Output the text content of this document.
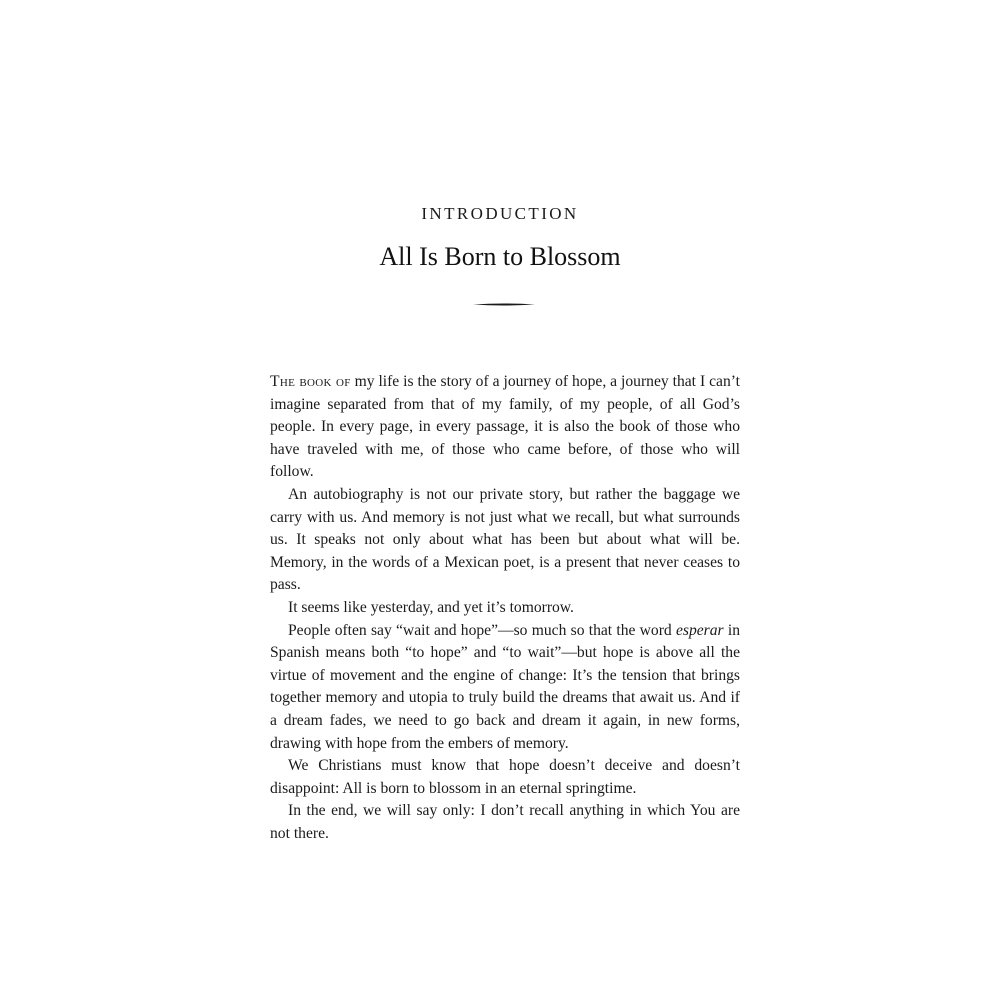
INTRODUCTION
All Is Born to Blossom

The book of my life is the story of a journey of hope, a journey that I can’t imagine separated from that of my family, of my people, of all God’s people. In every page, in every passage, it is also the book of those who have traveled with me, of those who came before, of those who will follow.

An autobiography is not our private story, but rather the baggage we carry with us. And memory is not just what we recall, but what surrounds us. It speaks not only about what has been but about what will be. Memory, in the words of a Mexican poet, is a present that never ceases to pass.

It seems like yesterday, and yet it’s tomorrow.

People often say “wait and hope”—so much so that the word esperar in Spanish means both “to hope” and “to wait”—but hope is above all the virtue of movement and the engine of change: It’s the tension that brings together memory and utopia to truly build the dreams that await us. And if a dream fades, we need to go back and dream it again, in new forms, drawing with hope from the embers of memory.

We Christians must know that hope doesn’t deceive and doesn’t disappoint: All is born to blossom in an eternal springtime.

In the end, we will say only: I don’t recall anything in which You are not there.
